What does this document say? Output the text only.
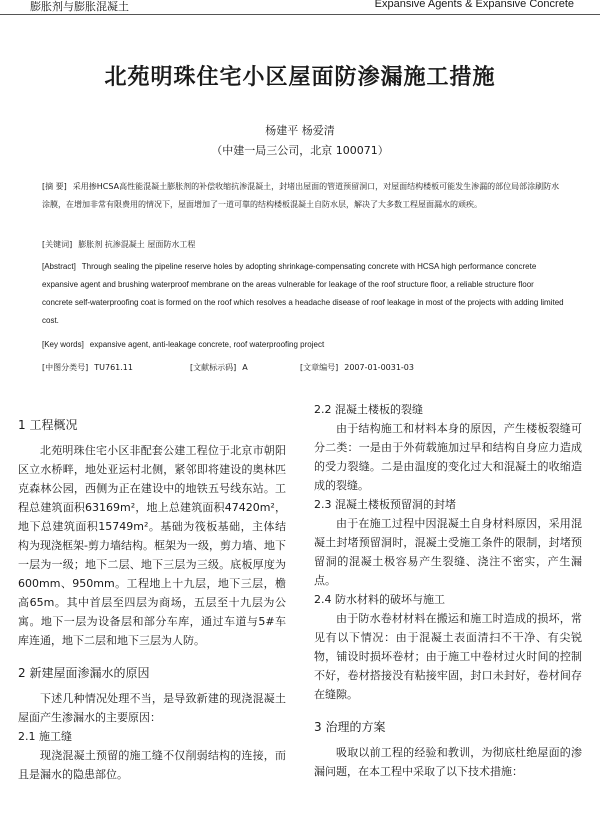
膨胀剂与膨胀混凝土	Expansive Agents & Expansive Concrete
北苑明珠住宅小区屋面防渗漏施工措施
杨建平 杨爱清
（中建一局三公司，北京 100071）
[摘 要] 采用掺HCSA高性能混凝土膨胀剂的补偿收缩抗渗混凝土，封堵出屋面的管道预留洞口，对屋面结构楼板可能发生渗漏的部位局部涂刷防水涂膜，在增加非常有限费用的情况下，屋面增加了一道可靠的结构楼板混凝土自防水层，解决了大多数工程屋面漏水的顽疾。
[关键词] 膨胀剂 抗渗混凝土 屋面防水工程
[Abstract] Through sealing the pipeline reserve holes by adopting shrinkage-compensating concrete with HCSA high performance concrete expansive agent and brushing waterproof membrane on the areas vulnerable for leakage of the roof structure floor, a reliable structure floor concrete self-waterproofing coat is formed on the roof which resolves a headache disease of roof leakage in most of the projects with adding limited cost.
[Key words] expansive agent, anti-leakage concrete, roof waterproofing project
[中图分类号] TU761.11	[文献标示码] A	[文章编号] 2007-01-0031-03
1 工程概况
北苑明珠住宅小区非配套公建工程位于北京市朝阳区立水桥畔，地处亚运村北侧，紧邻即将建设的奥林匹克森林公园，西侧为正在建设中的地铁五号线东站。工程总建筑面积63169m²，地上总建筑面积47420m²，地下总建筑面积15749m²。基础为筏板基础，主体结构为现浇框架-剪力墙结构。框架为一级，剪力墙、地下一层为一级；地下二层、地下三层为三级。底板厚度为600mm、950mm。工程地上十九层，地下三层，檐高65m。其中首层至四层为商场，五层至十九层为公寓。地下一层为设备层和部分车库，通过车道与5#车库连通，地下二层和地下三层为人防。
2 新建屋面渗漏水的原因
下述几种情况处理不当，是导致新建的现浇混凝土屋面产生渗漏水的主要原因：
2.1 施工缝
现浇混凝土预留的施工缝不仅削弱结构的连接，而且是漏水的隐患部位。
2.2 混凝土楼板的裂缝
由于结构施工和材料本身的原因，产生楼板裂缝可分二类：一是由于外荷载施加过早和结构自身应力造成的受力裂缝。二是由温度的变化过大和混凝土的收缩造成的裂缝。
2.3 混凝土楼板预留洞的封堵
由于在施工过程中因混凝土自身材料原因，采用混凝土封堵预留洞时，混凝土受施工条件的限制，封堵预留洞的混凝土极容易产生裂缝、浇注不密实，产生漏点。
2.4 防水材料的破坏与施工
由于防水卷材材料在搬运和施工时造成的损坏，常见有以下情况：由于混凝土表面清扫不干净、有尖锐物，铺设时损坏卷材；由于施工中卷材过火时间的控制不好，卷材搭接没有粘接牢固，封口未封好，卷材间存在缝隙。
3 治理的方案
吸取以前工程的经验和教训，为彻底杜绝屋面的渗漏问题，在本工程中采取了以下技术措施：
